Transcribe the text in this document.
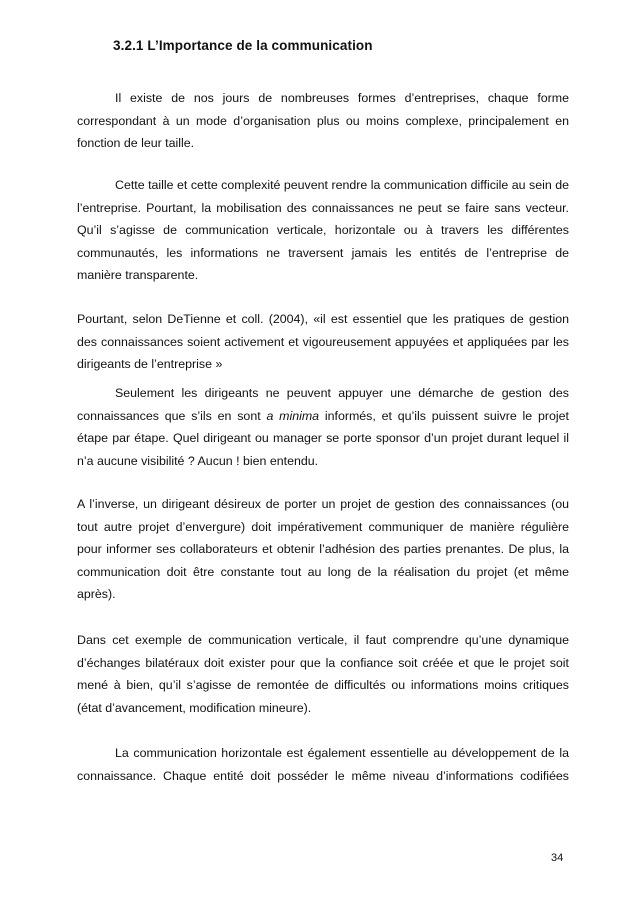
3.2.1 L’Importance de la communication

Il existe de nos jours de nombreuses formes d’entreprises, chaque forme correspondant à un mode d’organisation plus ou moins complexe, principalement en fonction de leur taille.

Cette taille et cette complexité peuvent rendre la communication difficile au sein de l’entreprise. Pourtant, la mobilisation des connaissances ne peut se faire sans vecteur. Qu’il s’agisse de communication verticale, horizontale ou à travers les différentes communautés, les informations ne traversent jamais les entités de l’entreprise de manière transparente.

Pourtant, selon DeTienne et coll. (2004), «il est essentiel que les pratiques de gestion des connaissances soient activement et vigoureusement appuyées et appliquées par les dirigeants de l’entreprise »

Seulement les dirigeants ne peuvent appuyer une démarche de gestion des connaissances que s’ils en sont a minima informés, et qu’ils puissent suivre le projet étape par étape. Quel dirigeant ou manager se porte sponsor d’un projet durant lequel il n’a aucune visibilité ? Aucun ! bien entendu.

A l’inverse, un dirigeant désireux de porter un projet de gestion des connaissances (ou tout autre projet d’envergure) doit impérativement communiquer de manière régulière pour informer ses collaborateurs et obtenir l’adhésion des parties prenantes. De plus, la communication doit être constante tout au long de la réalisation du projet (et même après).

Dans cet exemple de communication verticale, il faut comprendre qu’une dynamique d’échanges bilatéraux doit exister pour que la confiance soit créée et que le projet soit mené à bien, qu’il s’agisse de remontée de difficultés ou informations moins critiques (état d’avancement, modification mineure).

La communication horizontale est également essentielle au développement de la connaissance. Chaque entité doit posséder le même niveau d’informations codifiées

34
